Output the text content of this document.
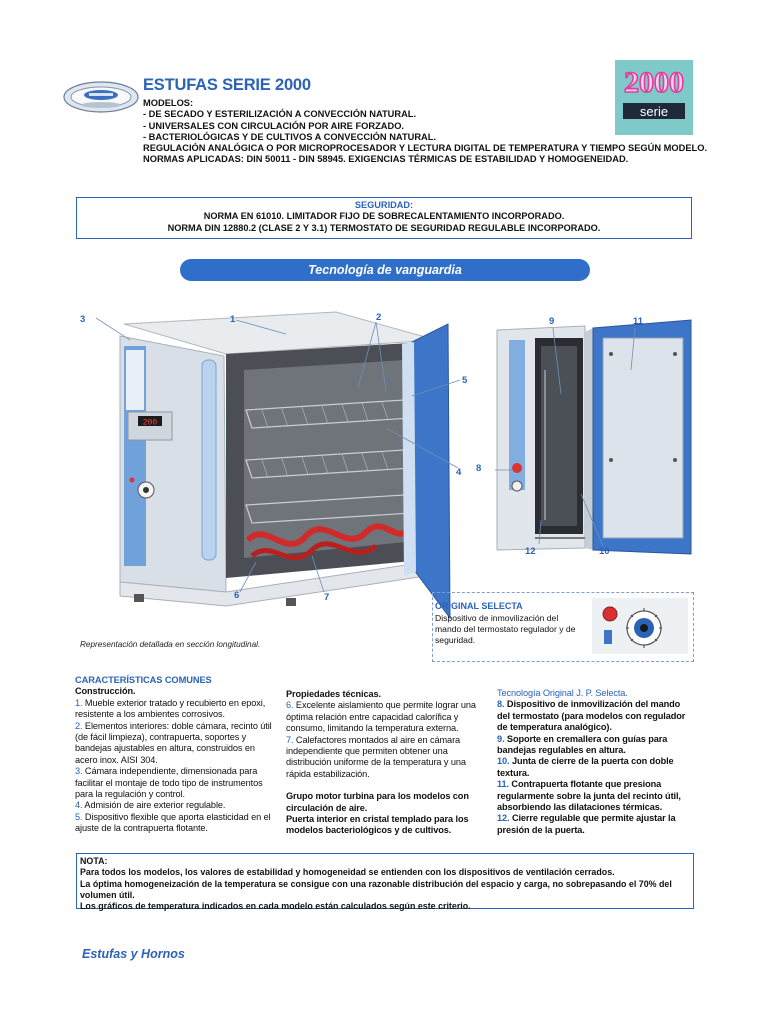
ESTUFAS SERIE 2000
MODELOS:
- DE SECADO Y ESTERILIZACIÓN A CONVECCIÓN NATURAL.
- UNIVERSALES CON CIRCULACIÓN POR AIRE FORZADO.
- BACTERIOLÓGICAS Y DE CULTIVOS A CONVECCIÓN NATURAL.
REGULACIÓN ANALÓGICA O POR MICROPROCESADOR Y LECTURA DIGITAL DE TEMPERATURA Y TIEMPO SEGÚN MODELO.
NORMAS APLICADAS: DIN 50011 - DIN 58945. EXIGENCIAS TÉRMICAS DE ESTABILIDAD Y HOMOGENEIDAD.
2000
serie
SEGURIDAD:
NORMA EN 61010. LIMITADOR FIJO DE SOBRECALENTAMIENTO INCORPORADO.
NORMA DIN 12880.2 (CLASE 2 Y 3.1) TERMOSTATO DE SEGURIDAD REGULABLE INCORPORADO.
Tecnología de vanguardia
200
3	1	2
5
4
6	7
9	11
12	10
8
Representación detallada en sección longitudinal.
ORIGINAL SELECTA
Dispositivo de inmovilización del mando del termostato regulador y de seguridad.
CARACTERÍSTICAS COMUNES
Construcción.
1. Mueble exterior tratado y recubierto en epoxi, resistente a los ambientes corrosivos.
2. Elementos interiores: doble cámara, recinto útil (de fácil limpieza), contrapuerta, soportes y bandejas ajustables en altura, construidos en acero inox. AISI 304.
3. Cámara independiente, dimensionada para facilitar el montaje de todo tipo de instrumentos para la regulación y control.
4. Admisión de aire exterior regulable.
5. Dispositivo flexible que aporta elasticidad en el ajuste de la contrapuerta flotante.
Propiedades técnicas.
6. Excelente aislamiento que permite lograr una óptima relación entre capacidad calorífica y consumo, limitando la temperatura externa.
7. Calefactores montados al aire en cámara independiente que permiten obtener una distribución uniforme de la temperatura y una rápida estabilización.
Grupo motor turbina para los modelos con circulación de aire.
Puerta interior en cristal templado para los modelos bacteriológicos y de cultivos.
Tecnología Original J. P. Selecta.
8. Dispositivo de inmovilización del mando del termostato (para modelos con regulador de temperatura analógico).
9. Soporte en cremallera con guías para bandejas regulables en altura.
10. Junta de cierre de la puerta con doble textura.
11. Contrapuerta flotante que presiona regularmente sobre la junta del recinto útil, absorbiendo las dilataciones térmicas.
12. Cierre regulable que permite ajustar la presión de la puerta.
NOTA:
Para todos los modelos, los valores de estabilidad y homogeneidad se entienden con los dispositivos de ventilación cerrados.
La óptima homogeneización de la temperatura se consigue con una razonable distribución del espacio y carga, no sobrepasando el 70% del volumen útil.
Los gráficos de temperatura indicados en cada modelo están calculados según este criterio.
Estufas y Hornos
